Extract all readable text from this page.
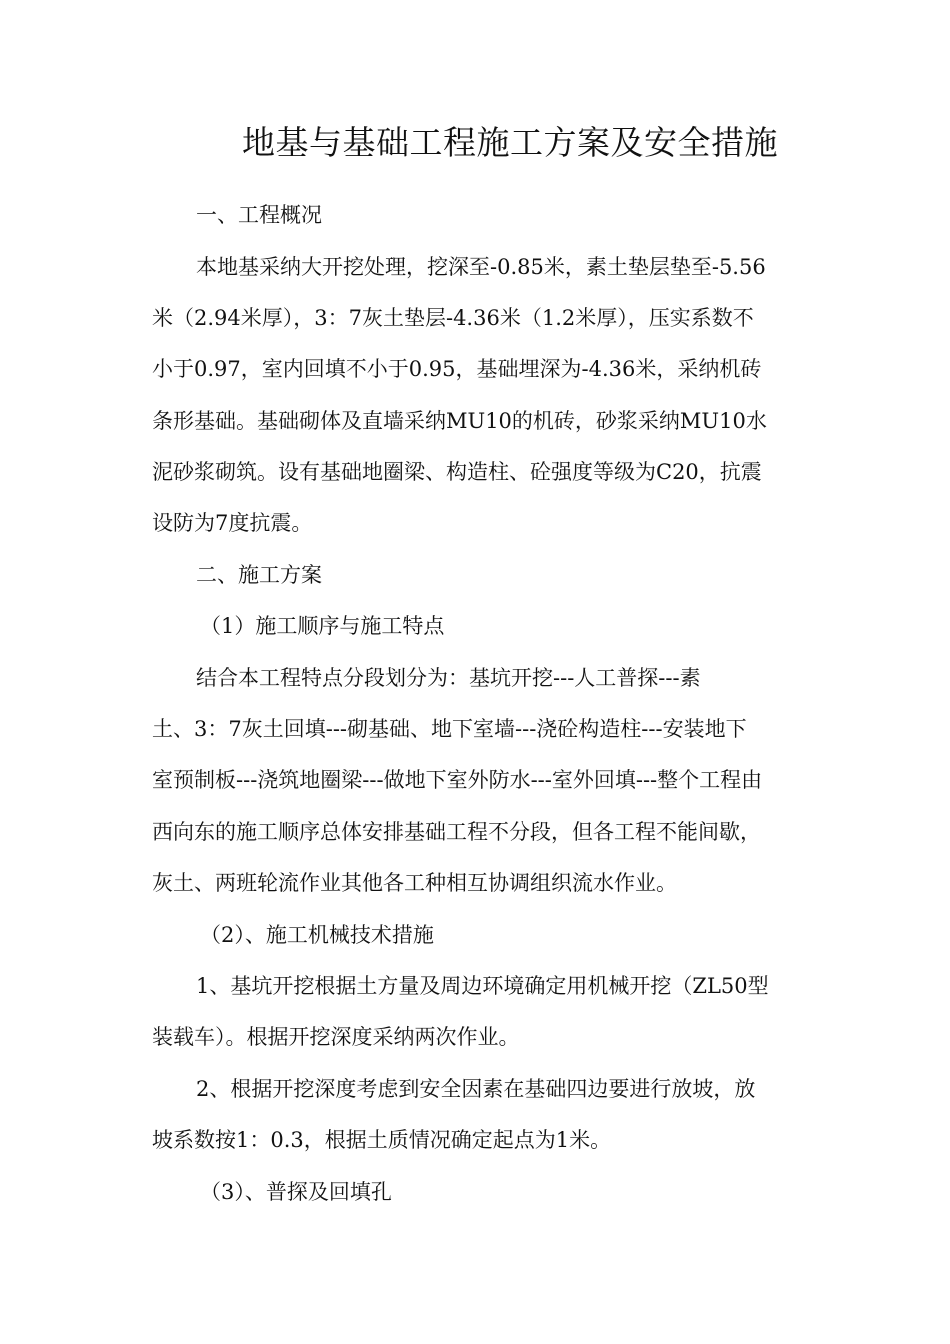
地基与基础工程施工方案及安全措施
一、工程概况
本地基采纳大开挖处理，挖深至-0.85米，素土垫层垫至-5.56
米（2.94米厚），3：7灰土垫层-4.36米（1.2米厚），压实系数不
小于0.97，室内回填不小于0.95，基础埋深为-4.36米，采纳机砖
条形基础。基础砌体及直墙采纳MU10的机砖，砂浆采纳MU10水
泥砂浆砌筑。设有基础地圈梁、构造柱、砼强度等级为C20，抗震
设防为7度抗震。
二、施工方案
（1）施工顺序与施工特点
结合本工程特点分段划分为：基坑开挖---人工普探---素
土、3：7灰土回填---砌基础、地下室墙---浇砼构造柱---安装地下
室预制板---浇筑地圈梁---做地下室外防水---室外回填---整个工程由
西向东的施工顺序总体安排基础工程不分段，但各工程不能间歇，
灰土、两班轮流作业其他各工种相互协调组织流水作业。
（2）、施工机械技术措施
1、基坑开挖根据土方量及周边环境确定用机械开挖（ZL50型
装载车）。根据开挖深度采纳两次作业。
2、根据开挖深度考虑到安全因素在基础四边要进行放坡，放
坡系数按1：0.3，根据土质情况确定起点为1米。
（3）、普探及回填孔
